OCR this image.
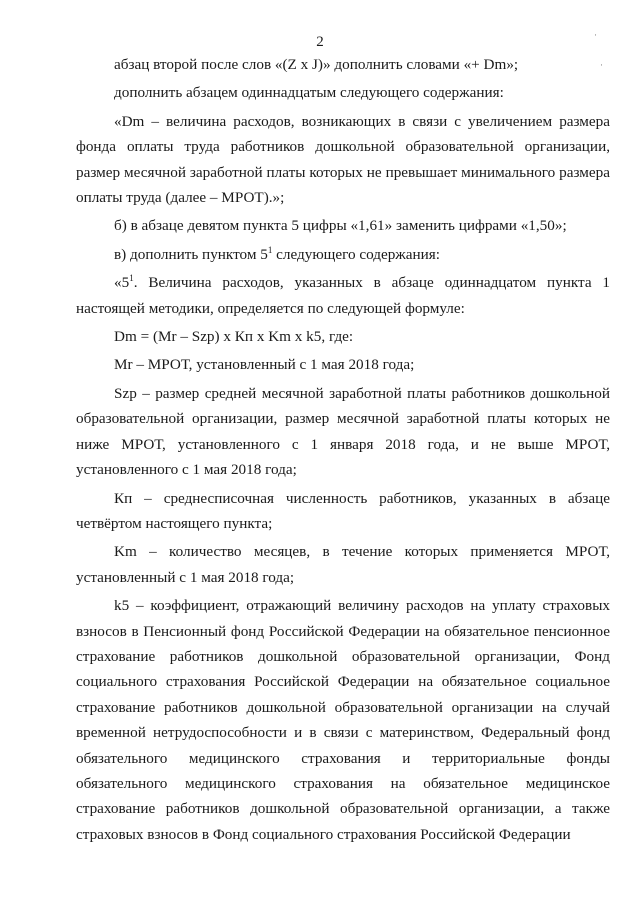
2	·
·

абзац второй после слов «(Z x J)» дополнить словами «+ Dm»;

дополнить абзацем одиннадцатым следующего содержания:

«Dm – величина расходов, возникающих в связи с увеличением размера фонда оплаты труда работников дошкольной образовательной организации, размер месячной заработной платы которых не превышает минимального размера оплаты труда (далее – МРОТ).»;

б) в абзаце девятом пункта 5 цифры «1,61» заменить цифрами «1,50»;

в) дополнить пунктом $5^1$ следующего содержания:

«$5^1$. Величина расходов, указанных в абзаце одиннадцатом пункта 1 настоящей методики, определяется по следующей формуле:

Dm = (Mr – Szp) x Кп x Km x k5, где:

Mr – МРОТ, установленный с 1 мая 2018 года;

Szp – размер средней месячной заработной платы работников дошкольной образовательной организации, размер месячной заработной платы которых не ниже МРОТ, установленного с 1 января 2018 года, и не выше МРОТ, установленного с 1 мая 2018 года;

Кп – среднесписочная численность работников, указанных в абзаце четвёртом настоящего пункта;

Km – количество месяцев, в течение которых применяется МРОТ, установленный с 1 мая 2018 года;

k5 – коэффициент, отражающий величину расходов на уплату страховых взносов в Пенсионный фонд Российской Федерации на обязательное пенсионное страхование работников дошкольной образовательной организации, Фонд социального страхования Российской Федерации на обязательное социальное страхование работников дошкольной образовательной организации на случай временной нетрудоспособности и в связи с материнством, Федеральный фонд обязательного медицинского страхования и территориальные фонды обязательного медицинского страхования на обязательное медицинское страхование работников дошкольной образовательной организации, а также страховых взносов в Фонд социального страхования Российской Федерации
